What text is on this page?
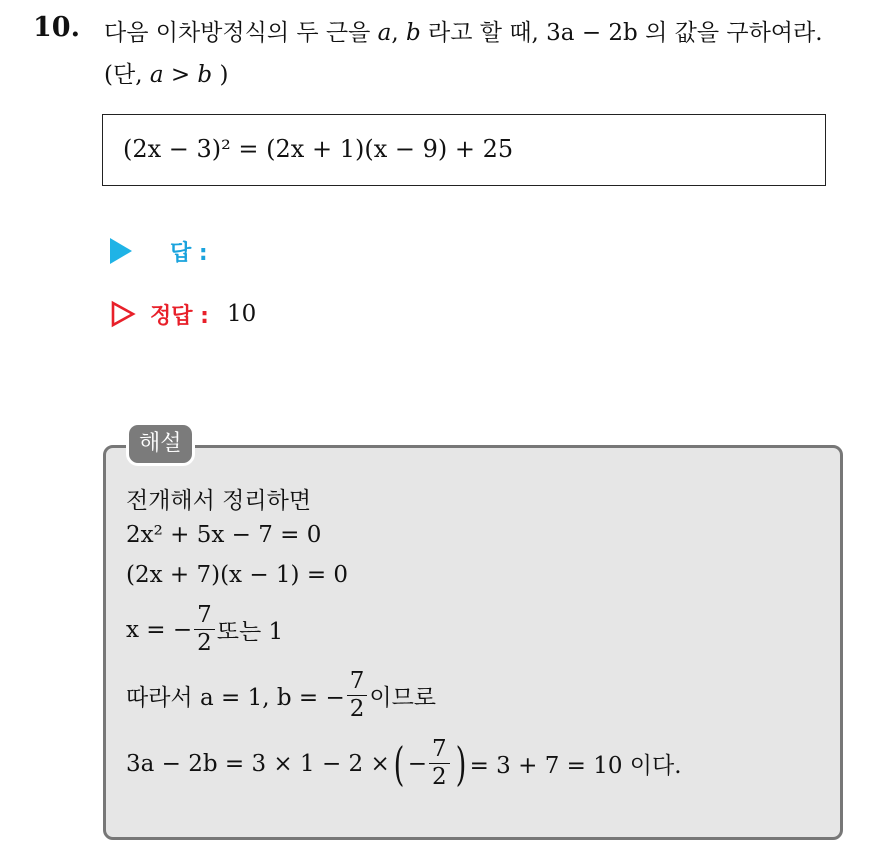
10. 다음 이차방정식의 두 근을 a, b 라고 할 때, 3a − 2b 의 값을 구하여라.
(단, a > b )
(2x − 3)² = (2x + 1)(x − 9) + 25
답 :
정답 : 10
해설
전개해서 정리하면
2x² + 5x − 7 = 0
(2x + 7)(x − 1) = 0
x = − $\frac{7}{2}$ 또는 1
따라서 a = 1, b = − $\frac{7}{2}$ 이므로
3a − 2b = 3 × 1 − 2 × ( − $\frac{7}{2}$ ) = 3 + 7 = 10 이다.
